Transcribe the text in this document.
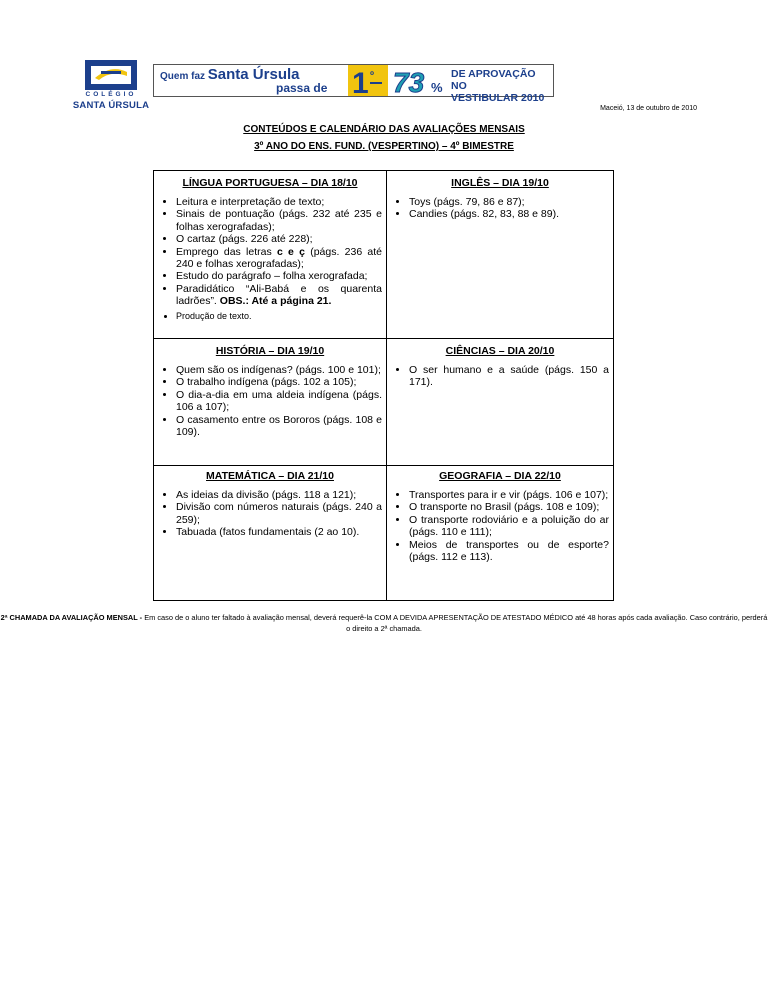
COLÉGIO
SANTA ÚRSULA
Quem faz Santa Úrsula
passa de 1 º 73 %
DE APROVAÇÃO NO
VESTIBULAR 2010
Maceió, 13 de outubro de 2010
CONTEÚDOS E CALENDÁRIO DAS AVALIAÇÕES MENSAIS
3º ANO DO ENS. FUND. (VESPERTINO) – 4º BIMESTRE
LÍNGUA PORTUGUESA – DIA 18/10
• Leitura e interpretação de texto;
• Sinais de pontuação (págs. 232 até 235 e folhas xerografadas);
• O cartaz (págs. 226 até 228);
• Emprego das letras c e ç (págs. 236 até 240 e folhas xerografadas);
• Estudo do parágrafo – folha xerografada;
• Paradidático “Ali-Babá e os quarenta ladrões”. OBS.: Até a página 21.
• Produção de texto.
INGLÊS – DIA 19/10
• Toys (págs. 79, 86 e 87);
• Candies (págs. 82, 83, 88 e 89).
HISTÓRIA – DIA 19/10
• Quem são os indígenas? (págs. 100 e 101);
• O trabalho indígena (págs. 102 a 105);
• O dia-a-dia em uma aldeia indígena (págs. 106 a 107);
• O casamento entre os Bororos (págs. 108 e 109).
CIÊNCIAS – DIA 20/10
• O ser humano e a saúde (págs. 150 a 171).
MATEMÁTICA – DIA 21/10
• As ideias da divisão (págs. 118 a 121);
• Divisão com números naturais (págs. 240 a 259);
• Tabuada (fatos fundamentais (2 ao 10).
GEOGRAFIA – DIA 22/10
• Transportes para ir e vir (págs. 106 e 107);
• O transporte no Brasil (págs. 108 e 109);
• O transporte rodoviário e a poluição do ar (págs. 110 e 111);
• Meios de transportes ou de esporte? (págs. 112 e 113).
2ª CHAMADA DA AVALIAÇÃO MENSAL - Em caso de o aluno ter faltado à avaliação mensal, deverá requerê-la COM A DEVIDA APRESENTAÇÃO DE ATESTADO MÉDICO até 48 horas após cada avaliação. Caso contrário, perderá o direito a 2ª chamada.
